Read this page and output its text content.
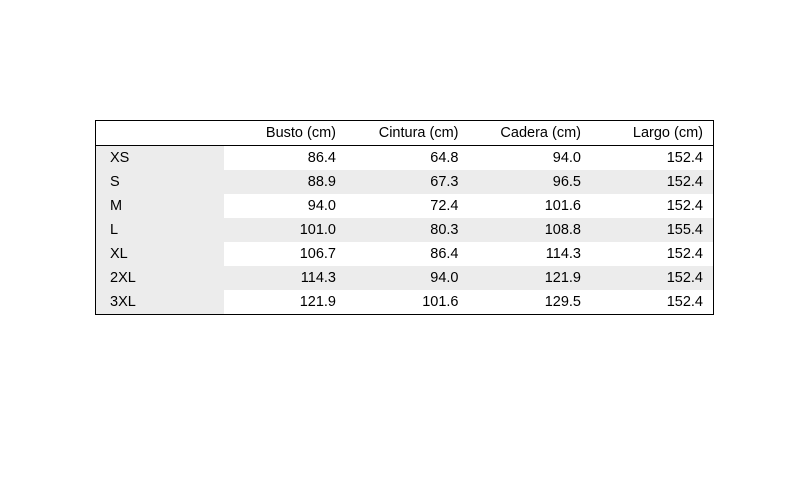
	Busto (cm)	Cintura (cm)	Cadera (cm)	Largo (cm)
XS	86.4	64.8	94.0	152.4
S	88.9	67.3	96.5	152.4
M	94.0	72.4	101.6	152.4
L	101.0	80.3	108.8	155.4
XL	106.7	86.4	114.3	152.4
2XL	114.3	94.0	121.9	152.4
3XL	121.9	101.6	129.5	152.4
